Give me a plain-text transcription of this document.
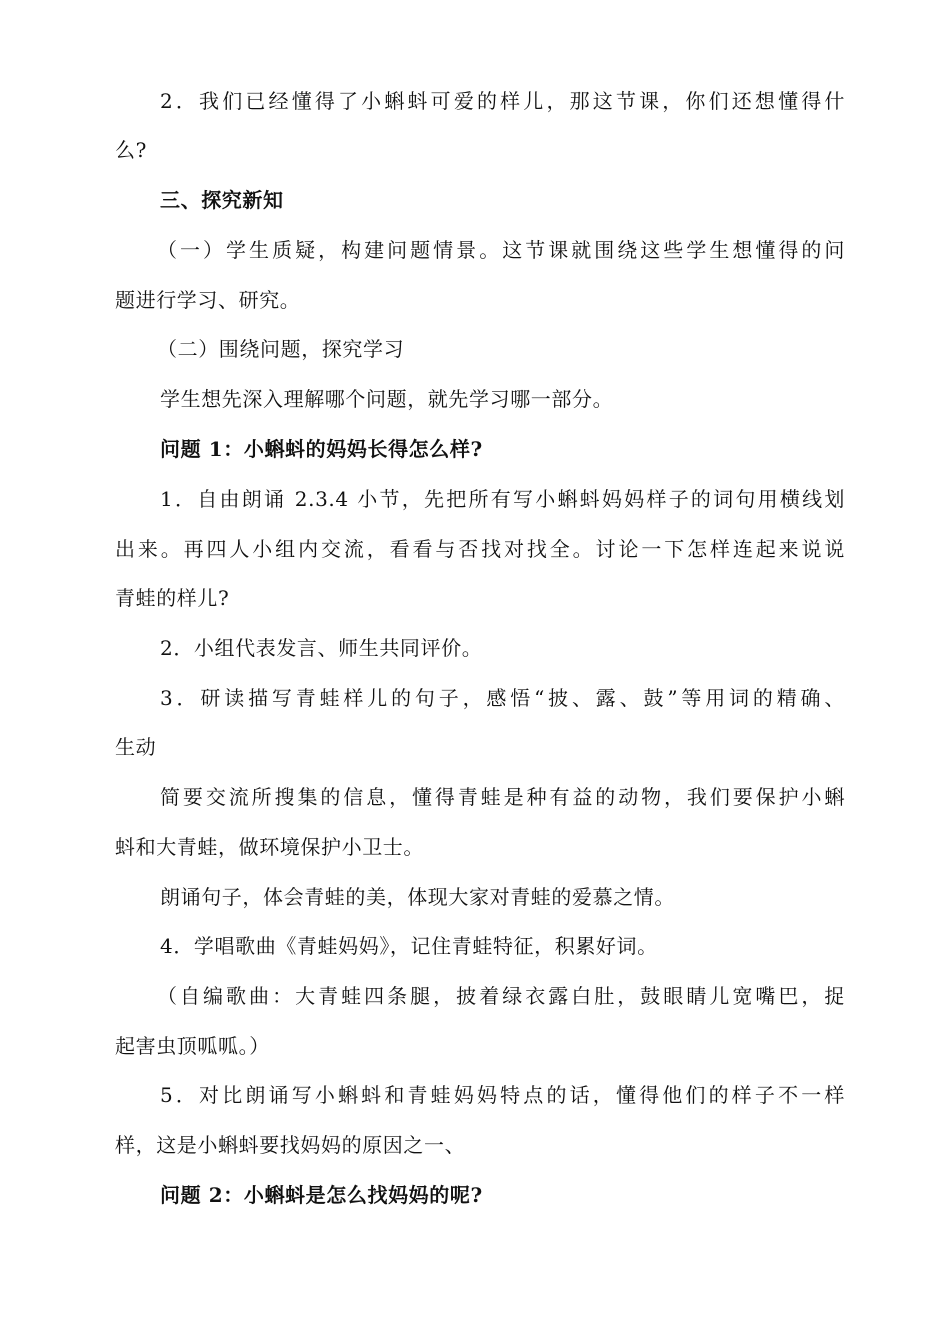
2．我们已经懂得了小蝌蚪可爱的样儿，那这节课，你们还想懂得什
么?
三、探究新知
（一）学生质疑，构建问题情景。这节课就围绕这些学生想懂得的问
题进行学习、研究。
（二）围绕问题，探究学习
学生想先深入理解哪个问题，就先学习哪一部分。
问题 1：小蝌蚪的妈妈长得怎么样?
1．自由朗诵 2.3.4 小节，先把所有写小蝌蚪妈妈样子的词句用横线划
出来。再四人小组内交流，看看与否找对找全。讨论一下怎样连起来说说
青蛙的样儿?
2．小组代表发言、师生共同评价。
3．研读描写青蛙样儿的句子，感悟“披、露、鼓”等用词的精确、
生动
简要交流所搜集的信息，懂得青蛙是种有益的动物，我们要保护小蝌
蚪和大青蛙，做环境保护小卫士。
朗诵句子，体会青蛙的美，体现大家对青蛙的爱慕之情。
4．学唱歌曲《青蛙妈妈》，记住青蛙特征，积累好词。
（自编歌曲：大青蛙四条腿，披着绿衣露白肚，鼓眼睛儿宽嘴巴，捉
起害虫顶呱呱。）
5．对比朗诵写小蝌蚪和青蛙妈妈特点的话，懂得他们的样子不一样
样，这是小蝌蚪要找妈妈的原因之一、
问题 2：小蝌蚪是怎么找妈妈的呢?
